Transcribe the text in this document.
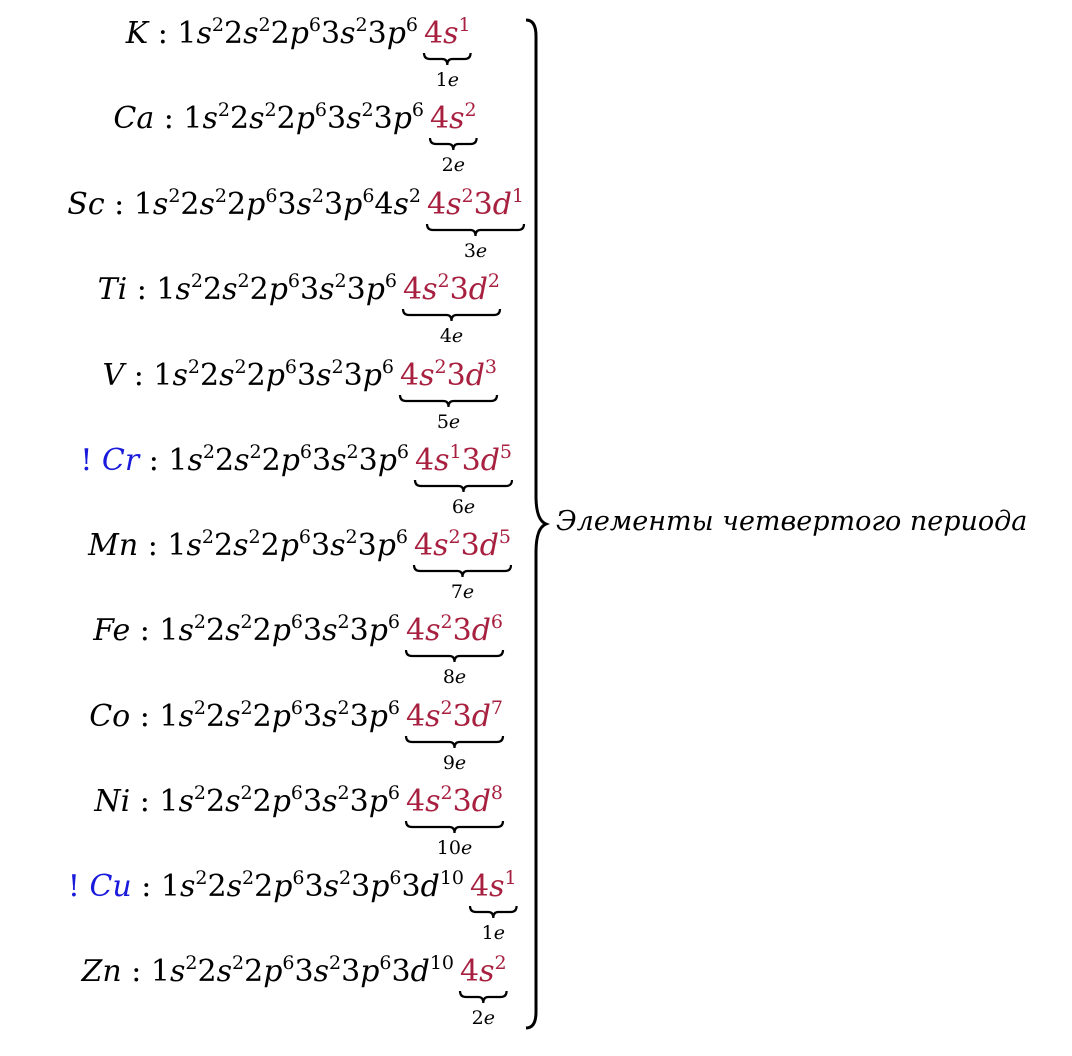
K : $1s^22s^22p^63s^23p^6$ $4s^1$
1e
Ca : $1s^22s^22p^63s^23p^6$ $4s^2$
2e
Sc : $1s^22s^22p^63s^23p^64s^2$ $4s^23d^1$
3e
Ti : $1s^22s^22p^63s^23p^6$ $4s^23d^2$
4e
V : $1s^22s^22p^63s^23p^6$ $4s^23d^3$
5e
! Cr : $1s^22s^22p^63s^23p^6$ $4s^13d^5$
6e
Mn : $1s^22s^22p^63s^23p^6$ $4s^23d^5$
7e
Fe : $1s^22s^22p^63s^23p^6$ $4s^23d^6$
8e
Co : $1s^22s^22p^63s^23p^6$ $4s^23d^7$
9e
Ni : $1s^22s^22p^63s^23p^6$ $4s^23d^8$
10e
! Cu : $1s^22s^22p^63s^23p^63d^{10}$ $4s^1$
1e
Zn : $1s^22s^22p^63s^23p^63d^{10}$ $4s^2$
2e
Элементы четвертого периода
